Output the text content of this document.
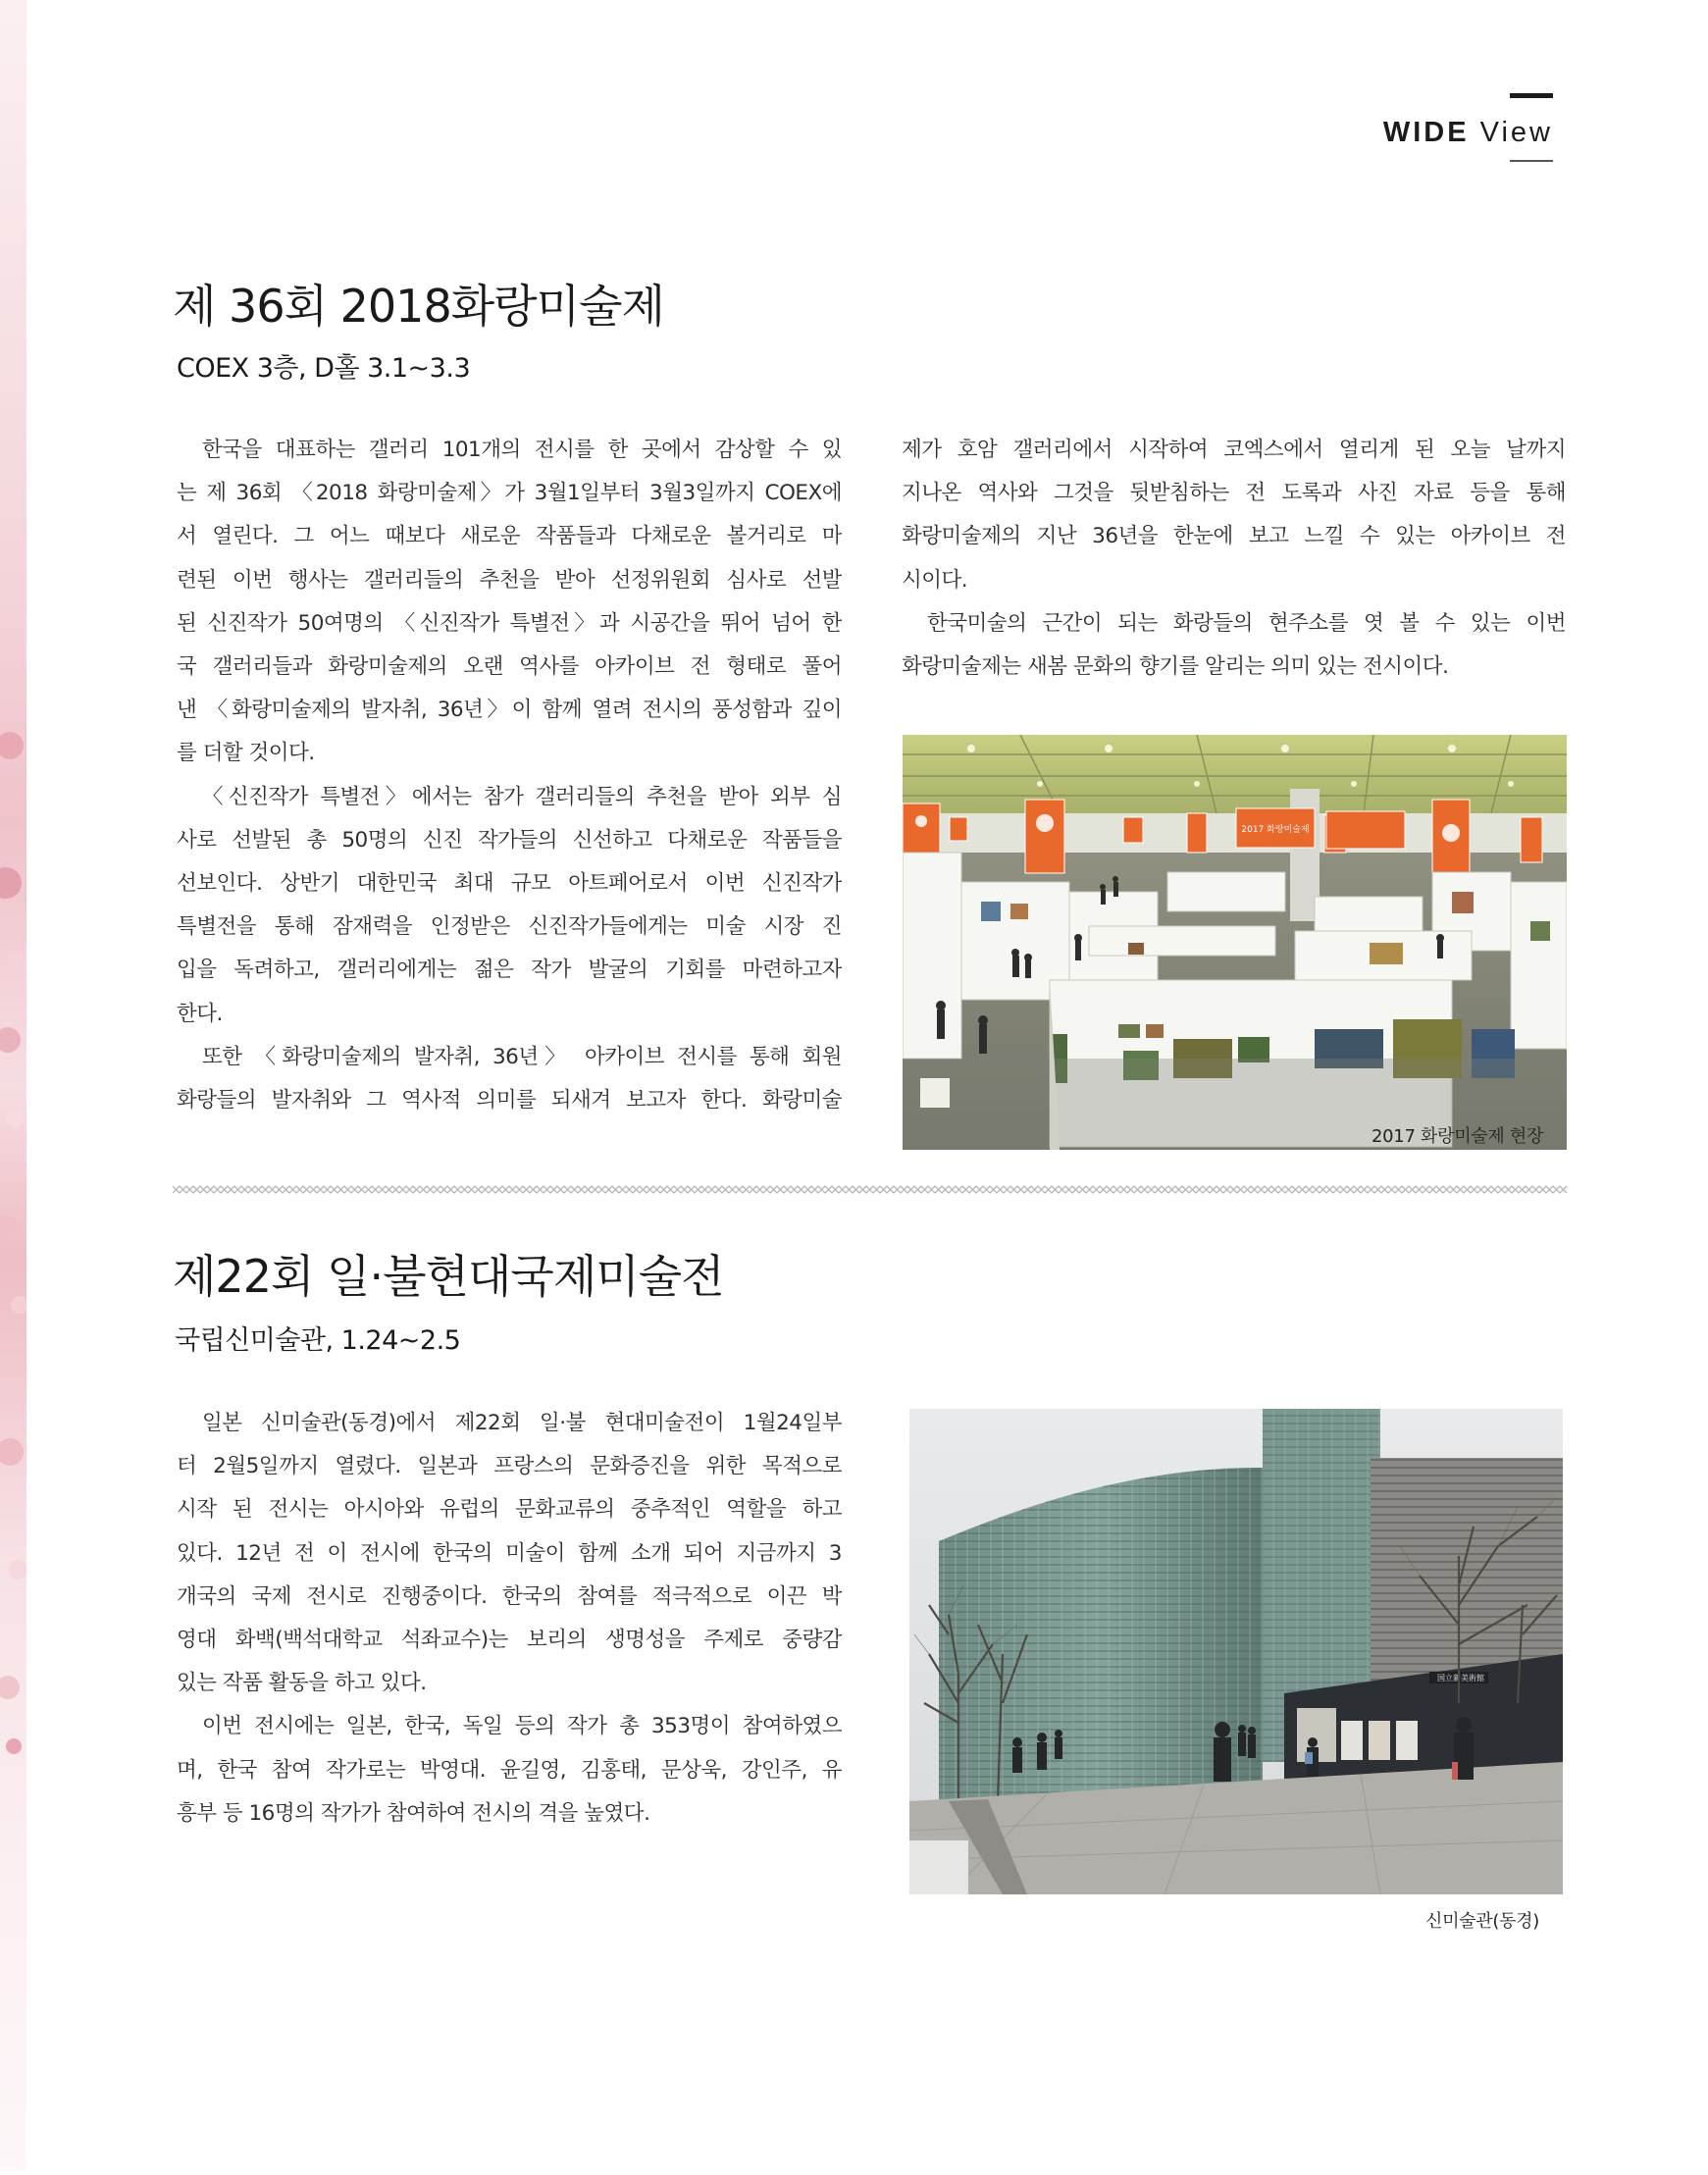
WIDE View
제 36회 2018화랑미술제
COEX 3층, D홀 3.1~3.3
한국을 대표하는 갤러리 101개의 전시를 한 곳에서 감상할 수 있
는 제 36회 〈2018 화랑미술제〉가 3월1일부터 3월3일까지 COEX에
서 열린다. 그 어느 때보다 새로운 작품들과 다채로운 볼거리로 마
련된 이번 행사는 갤러리들의 추천을 받아 선정위원회 심사로 선발
된 신진작가 50여명의 〈신진작가 특별전〉과 시공간을 뛰어 넘어 한
국 갤러리들과 화랑미술제의 오랜 역사를 아카이브 전 형태로 풀어
낸 〈화랑미술제의 발자취, 36년〉이 함께 열려 전시의 풍성함과 깊이
를 더할 것이다.
〈신진작가 특별전〉에서는 참가 갤러리들의 추천을 받아 외부 심
사로 선발된 총 50명의 신진 작가들의 신선하고 다채로운 작품들을
선보인다. 상반기 대한민국 최대 규모 아트페어로서 이번 신진작가
특별전을 통해 잠재력을 인정받은 신진작가들에게는 미술 시장 진
입을 독려하고, 갤러리에게는 젊은 작가 발굴의 기회를 마련하고자
한다.
또한 〈화랑미술제의 발자취, 36년〉 아카이브 전시를 통해 회원
화랑들의 발자취와 그 역사적 의미를 되새겨 보고자 한다. 화랑미술
제가 호암 갤러리에서 시작하여 코엑스에서 열리게 된 오늘 날까지
지나온 역사와 그것을 뒷받침하는 전 도록과 사진 자료 등을 통해
화랑미술제의 지난 36년을 한눈에 보고 느낄 수 있는 아카이브 전
시이다.
한국미술의 근간이 되는 화랑들의 현주소를 엿 볼 수 있는 이번
화랑미술제는 새봄 문화의 향기를 알리는 의미 있는 전시이다.
2017 화랑미술제
2017 화랑미술제 현장
제22회 일·불현대국제미술전
국립신미술관, 1.24~2.5
일본 신미술관(동경)에서 제22회 일·불 현대미술전이 1월24일부
터 2월5일까지 열렸다. 일본과 프랑스의 문화증진을 위한 목적으로
시작 된 전시는 아시아와 유럽의 문화교류의 중추적인 역할을 하고
있다. 12년 전 이 전시에 한국의 미술이 함께 소개 되어 지금까지 3
개국의 국제 전시로 진행중이다. 한국의 참여를 적극적으로 이끈 박
영대 화백(백석대학교 석좌교수)는 보리의 생명성을 주제로 중량감
있는 작품 활동을 하고 있다.
이번 전시에는 일본, 한국, 독일 등의 작가 총 353명이 참여하였으
며, 한국 참여 작가로는 박영대. 윤길영, 김홍태, 문상욱, 강인주, 유
흥부 등 16명의 작가가 참여하여 전시의 격을 높였다.
国立新美術館
신미술관(동경)
